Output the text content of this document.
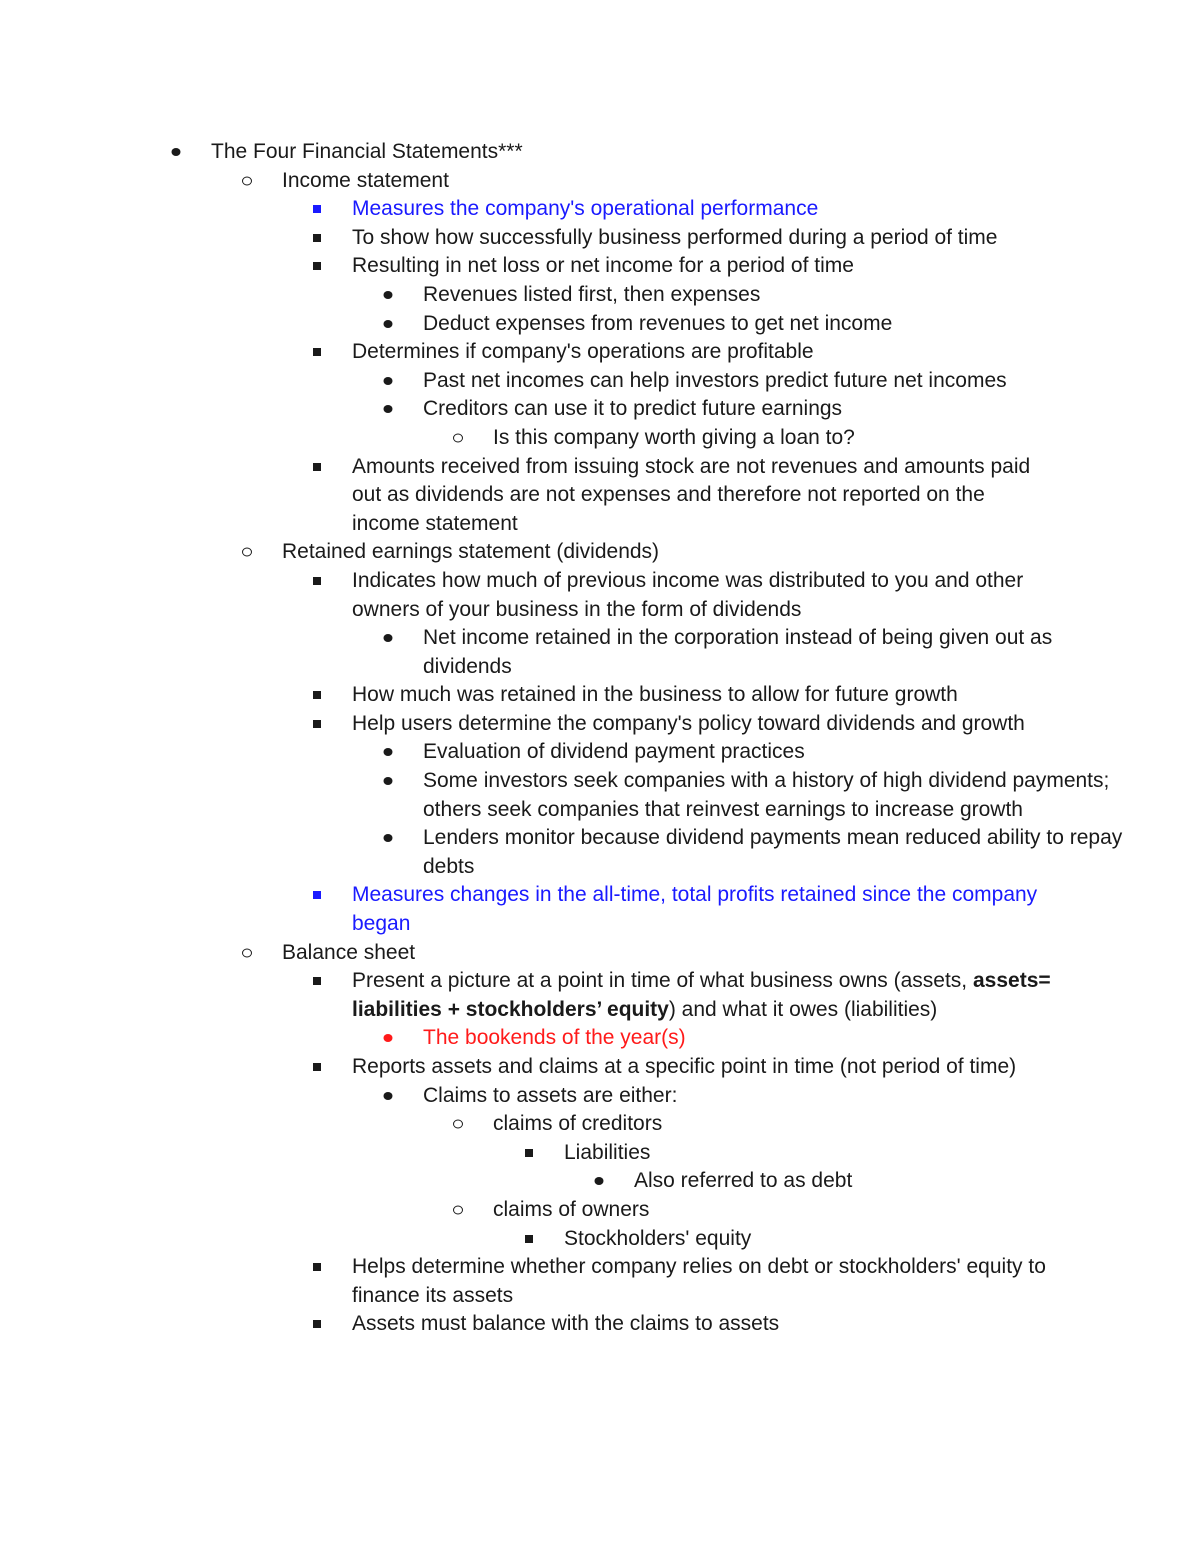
The Four Financial Statements***
Income statement
Measures the company's operational performance
To show how successfully business performed during a period of time
Resulting in net loss or net income for a period of time
Revenues listed first, then expenses
Deduct expenses from revenues to get net income
Determines if company's operations are profitable
Past net incomes can help investors predict future net incomes
Creditors can use it to predict future earnings
Is this company worth giving a loan to?
Amounts received from issuing stock are not revenues and amounts paid out as dividends are not expenses and therefore not reported on the income statement
Retained earnings statement (dividends)
Indicates how much of previous income was distributed to you and other owners of your business in the form of dividends
Net income retained in the corporation instead of being given out as dividends
How much was retained in the business to allow for future growth
Help users determine the company's policy toward dividends and growth
Evaluation of dividend payment practices
Some investors seek companies with a history of high dividend payments; others seek companies that reinvest earnings to increase growth
Lenders monitor because dividend payments mean reduced ability to repay debts
Measures changes in the all-time, total profits retained since the company began
Balance sheet
Present a picture at a point in time of what business owns (assets, assets= liabilities + stockholders’ equity) and what it owes (liabilities)
The bookends of the year(s)
Reports assets and claims at a specific point in time (not period of time)
Claims to assets are either:
claims of creditors
Liabilities
Also referred to as debt
claims of owners
Stockholders' equity
Helps determine whether company relies on debt or stockholders' equity to finance its assets
Assets must balance with the claims to assets
